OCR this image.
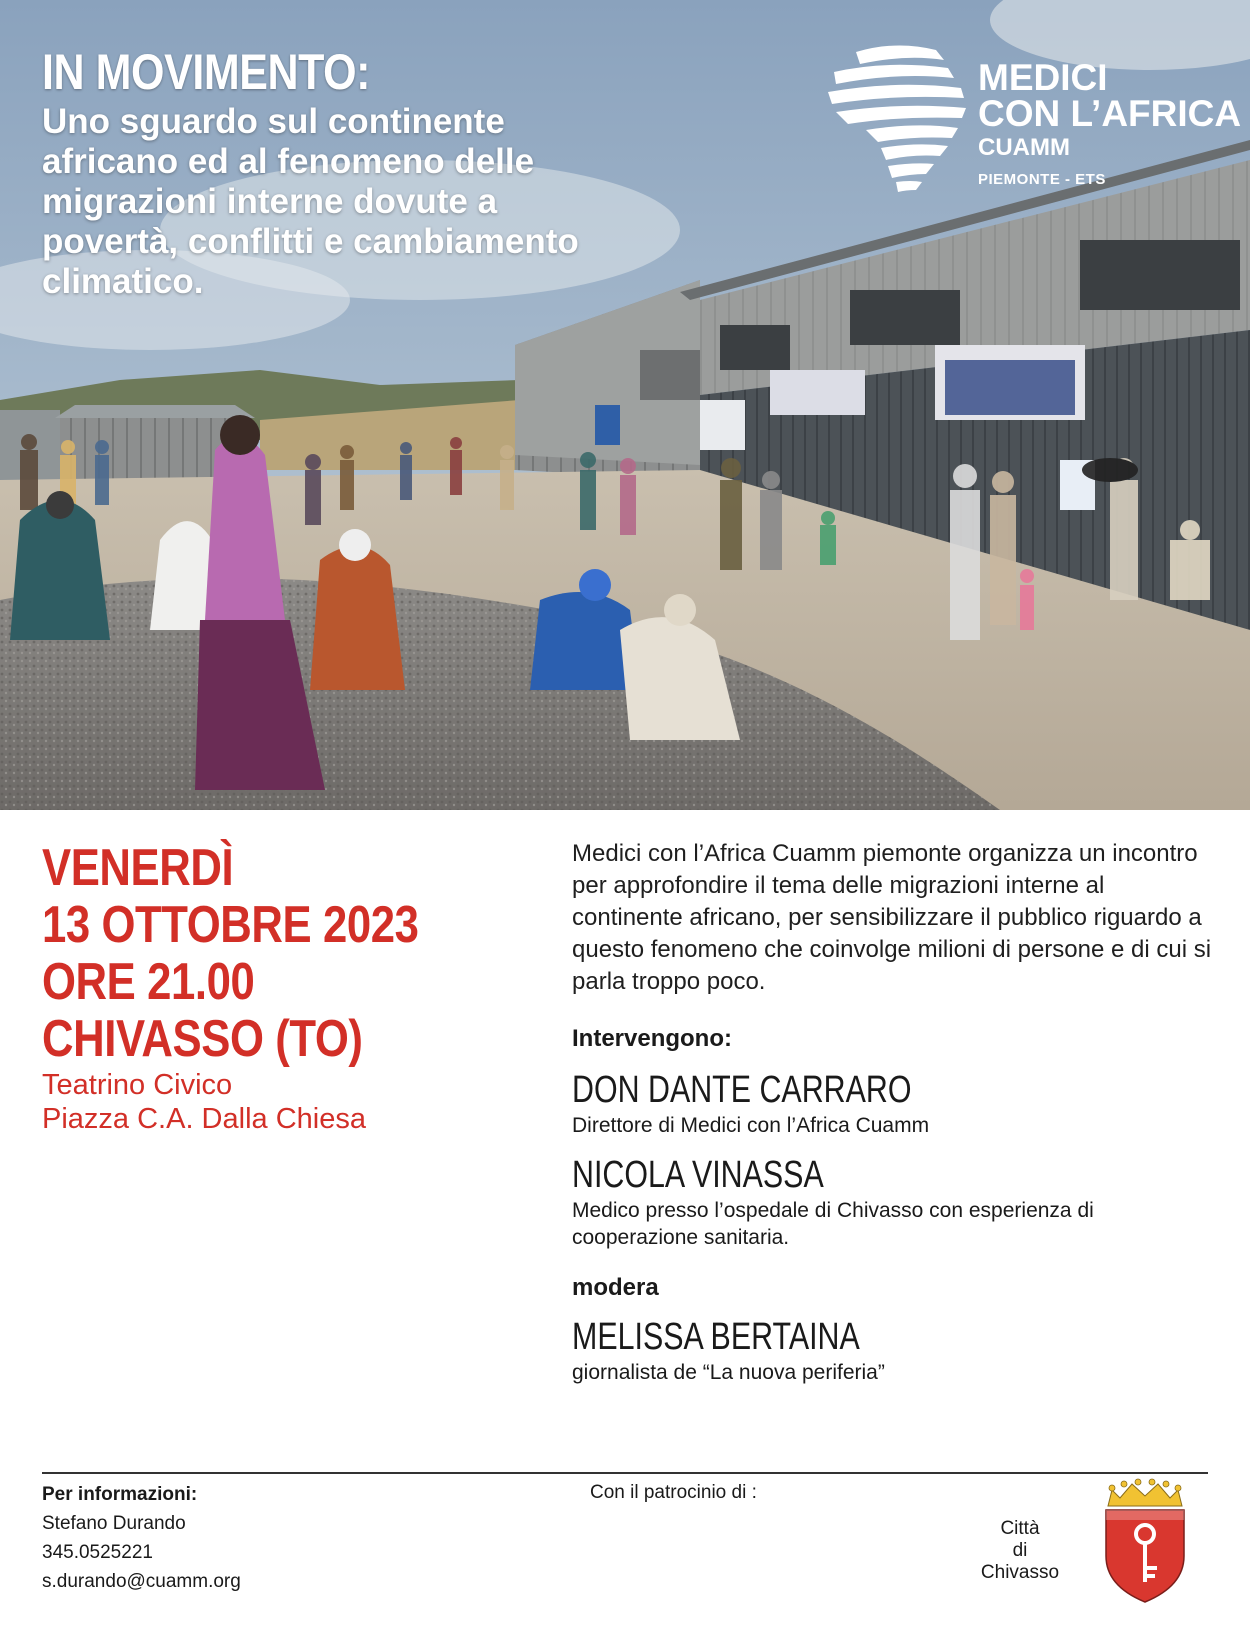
IN MOVIMENTO:
Uno sguardo sul continente africano ed al fenomeno delle migrazioni interne dovute a povertà, conflitti e cambiamento climatico.
MEDICI
CON L’AFRICA
CUAMM
PIEMONTE - ETS
VENERDÌ
13 OTTOBRE 2023
ORE 21.00
CHIVASSO (TO)
Teatrino Civico
Piazza C.A. Dalla Chiesa

Medici con l’Africa Cuamm piemonte organizza un incontro per approfondire il tema delle migrazioni interne al continente africano, per sensibilizzare il pubblico riguardo a questo fenomeno che coinvolge milioni di persone e di cui si parla troppo poco.

Intervengono:
DON DANTE CARRARO
Direttore di Medici con l’Africa Cuamm
NICOLA VINASSA
Medico presso l’ospedale di Chivasso con esperienza di cooperazione sanitaria.
modera
MELISSA BERTAINA
giornalista de “La nuova periferia”
Per informazioni:
Stefano Durando
345.0525221
s.durando@cuamm.org
Con il patrocinio di :
Città
di
Chivasso
